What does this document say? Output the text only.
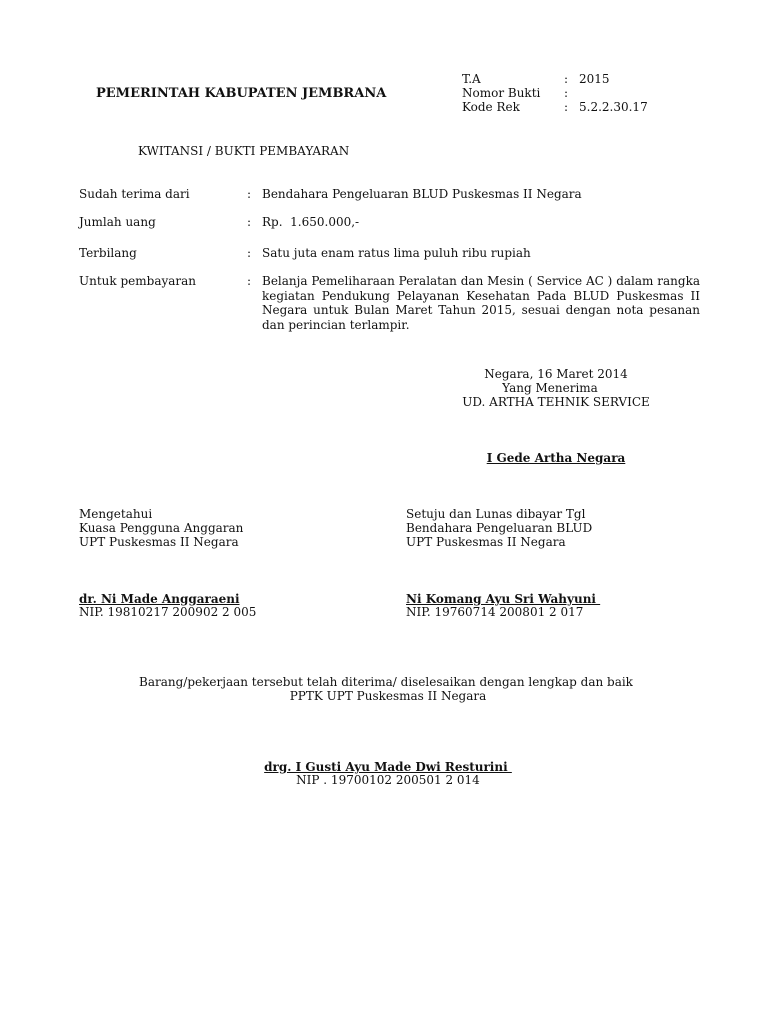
PEMERINTAH KABUPATEN JEMBRANA
T.A	: 2015
Nomor Bukti :
Kode Rek	: 5.2.2.30.17
KWITANSI / BUKTI PEMBAYARAN
Sudah terima dari	: Bendahara Pengeluaran BLUD Puskesmas II Negara
Jumlah uang	: Rp.  1.650.000,-
Terbilang	: Satu juta enam ratus lima puluh ribu rupiah
Untuk pembayaran	: Belanja Pemeliharaan Peralatan dan Mesin ( Service AC ) dalam rangka kegiatan Pendukung Pelayanan Kesehatan Pada BLUD Puskesmas II Negara untuk Bulan Maret Tahun 2015, sesuai dengan nota pesanan dan perincian terlampir.
Negara, 16 Maret 2014
Yang Menerima
UD. ARTHA TEHNIK SERVICE
I Gede Artha Negara
Mengetahui
Kuasa Pengguna Anggaran
UPT Puskesmas II Negara
dr. Ni Made Anggaraeni
NIP. 19810217 200902 2 005
Setuju dan Lunas dibayar Tgl
Bendahara Pengeluaran BLUD
UPT Puskesmas II Negara
Ni Komang Ayu Sri Wahyuni
NIP. 19760714 200801 2 017
Barang/pekerjaan tersebut telah diterima/ diselesaikan dengan lengkap dan baik
PPTK UPT Puskesmas II Negara
drg. I Gusti Ayu Made Dwi Resturini
NIP . 19700102 200501 2 014
